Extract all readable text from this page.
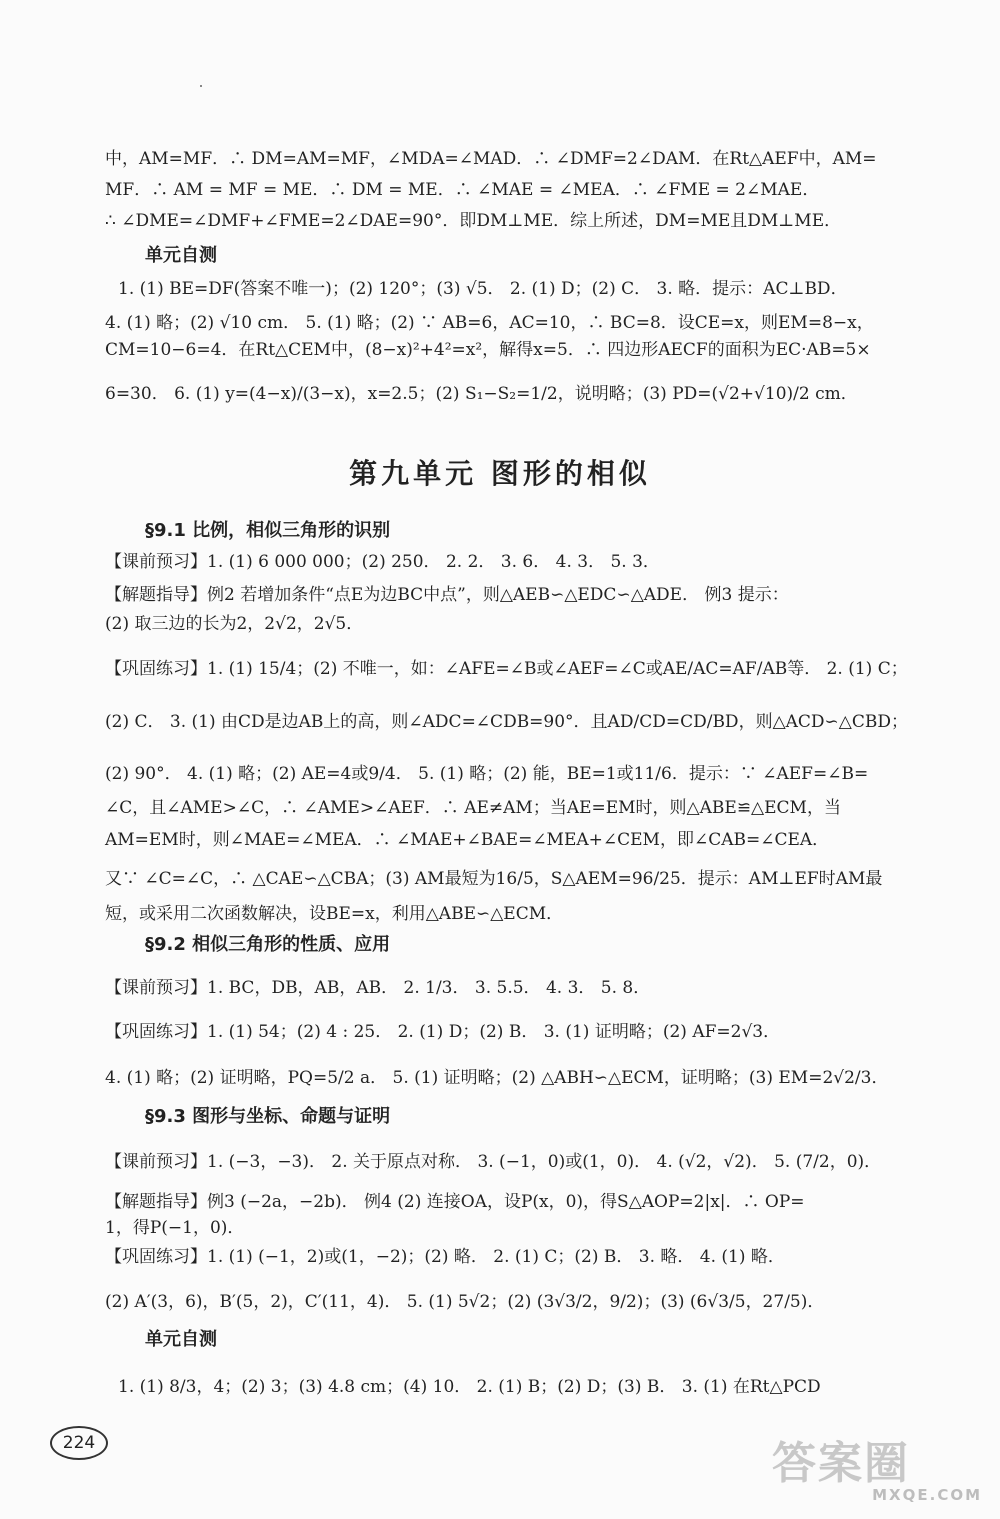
中，AM=MF．∴ DM=AM=MF，∠MDA=∠MAD．∴ ∠DMF=2∠DAM．在Rt△AEF中，AM=
MF．∴ AM = MF = ME．∴ DM = ME．∴ ∠MAE = ∠MEA．∴ ∠FME = 2∠MAE．
∴ ∠DME=∠DMF+∠FME=2∠DAE=90°．即DM⊥ME．综上所述，DM=ME且DM⊥ME．
单元自测
1. (1) BE=DF(答案不唯一)；(2) 120°；(3) √5． 2. (1) D；(2) C． 3. 略．提示：AC⊥BD．
4. (1) 略；(2) √10 cm． 5. (1) 略；(2) ∵ AB=6，AC=10，∴ BC=8．设CE=x，则EM=8−x，
CM=10−6=4．在Rt△CEM中，(8−x)²+4²=x²，解得x=5．∴ 四边形AECF的面积为EC·AB=5×
6=30． 6. (1) y=(4−x)/(3−x)，x=2.5；(2) S₁−S₂=1/2，说明略；(3) PD=(√2+√10)/2 cm．
第九单元 图形的相似
§9.1 比例，相似三角形的识别
【课前预习】1. (1) 6 000 000；(2) 250． 2. 2． 3. 6． 4. 3． 5. 3．
【解题指导】例2 若增加条件“点E为边BC中点”，则△AEB∽△EDC∽△ADE． 例3 提示：
(2) 取三边的长为2，2√2，2√5．
【巩固练习】1. (1) 15/4；(2) 不唯一，如：∠AFE=∠B或∠AEF=∠C或AE/AC=AF/AB等． 2. (1) C；
(2) C． 3. (1) 由CD是边AB上的高，则∠ADC=∠CDB=90°．且AD/CD=CD/BD，则△ACD∽△CBD；
(2) 90°． 4. (1) 略；(2) AE=4或9/4． 5. (1) 略；(2) 能，BE=1或11/6．提示：∵ ∠AEF=∠B=
∠C，且∠AME>∠C，∴ ∠AME>∠AEF．∴ AE≠AM；当AE=EM时，则△ABE≌△ECM，当
AM=EM时，则∠MAE=∠MEA．∴ ∠MAE+∠BAE=∠MEA+∠CEM，即∠CAB=∠CEA．
又∵ ∠C=∠C，∴ △CAE∽△CBA；(3) AM最短为16/5，S△AEM=96/25．提示：AM⊥EF时AM最
短，或采用二次函数解决，设BE=x，利用△ABE∽△ECM．
§9.2 相似三角形的性质、应用
【课前预习】1. BC，DB，AB，AB． 2. 1/3． 3. 5.5． 4. 3． 5. 8．
【巩固练习】1. (1) 54；(2) 4 : 25． 2. (1) D；(2) B． 3. (1) 证明略；(2) AF=2√3．
4. (1) 略；(2) 证明略，PQ=5/2 a． 5. (1) 证明略；(2) △ABH∽△ECM，证明略；(3) EM=2√2/3．
§9.3 图形与坐标、命题与证明
【课前预习】1. (−3，−3)． 2. 关于原点对称． 3. (−1，0)或(1，0)． 4. (√2，√2)． 5. (7/2，0)．
【解题指导】例3 (−2a，−2b)． 例4 (2) 连接OA，设P(x，0)，得S△AOP=2|x|．∴ OP=
1，得P(−1，0)．
【巩固练习】1. (1) (−1，2)或(1，−2)；(2) 略． 2. (1) C；(2) B． 3. 略． 4. (1) 略．
(2) A′(3，6)，B′(5，2)，C′(11，4)． 5. (1) 5√2；(2) (3√3/2，9/2)；(3) (6√3/5，27/5)．
单元自测
1. (1) 8/3，4；(2) 3；(3) 4.8 cm；(4) 10． 2. (1) B；(2) D；(3) B． 3. (1) 在Rt△PCD
224	答案圈
MXQE.COM
